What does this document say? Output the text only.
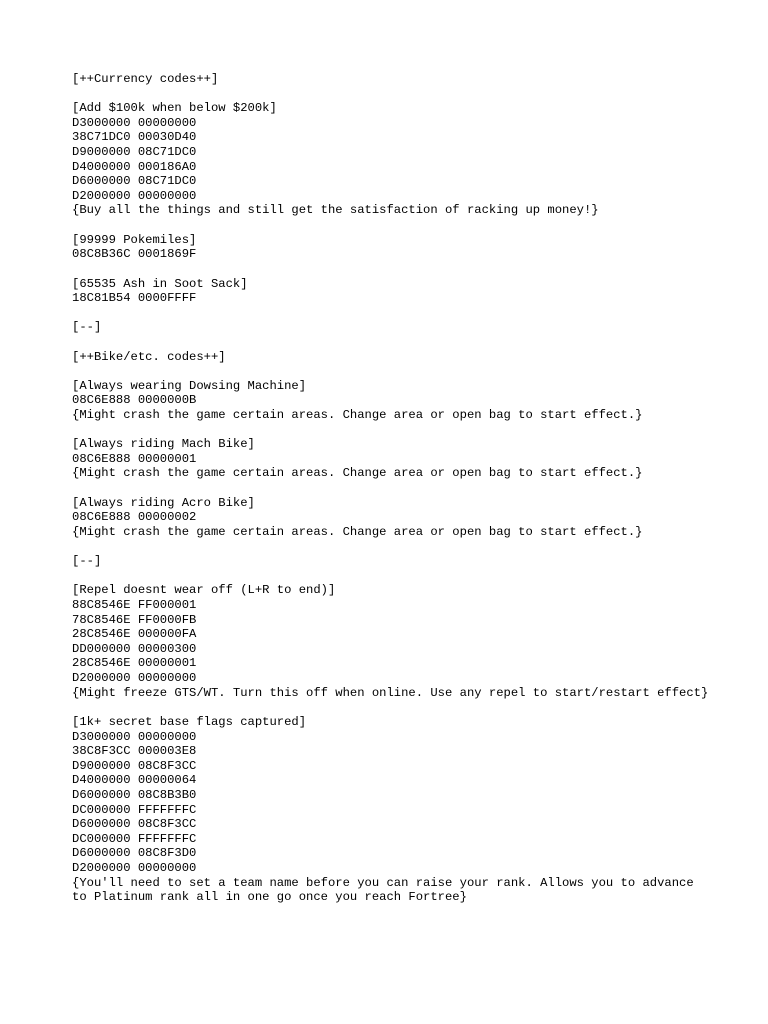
[++Currency codes++]
[Add $100k when below $200k]
D3000000 00000000
38C71DC0 00030D40
D9000000 08C71DC0
D4000000 000186A0
D6000000 08C71DC0
D2000000 00000000
{Buy all the things and still get the satisfaction of racking up money!}
[99999 Pokemiles]
08C8B36C 0001869F
[65535 Ash in Soot Sack]
18C81B54 0000FFFF
[--]
[++Bike/etc. codes++]
[Always wearing Dowsing Machine]
08C6E888 0000000B
{Might crash the game certain areas. Change area or open bag to start effect.}
[Always riding Mach Bike]
08C6E888 00000001
{Might crash the game certain areas. Change area or open bag to start effect.}
[Always riding Acro Bike]
08C6E888 00000002
{Might crash the game certain areas. Change area or open bag to start effect.}
[--]
[Repel doesnt wear off (L+R to end)]
88C8546E FF000001
78C8546E FF0000FB
28C8546E 000000FA
DD000000 00000300
28C8546E 00000001
D2000000 00000000
{Might freeze GTS/WT. Turn this off when online. Use any repel to start/restart effect}
[1k+ secret base flags captured]
D3000000 00000000
38C8F3CC 000003E8
D9000000 08C8F3CC
D4000000 00000064
D6000000 08C8B3B0
DC000000 FFFFFFFC
D6000000 08C8F3CC
DC000000 FFFFFFFC
D6000000 08C8F3D0
D2000000 00000000
{You'll need to set a team name before you can raise your rank. Allows you to advance to Platinum rank all in one go once you reach Fortree}
